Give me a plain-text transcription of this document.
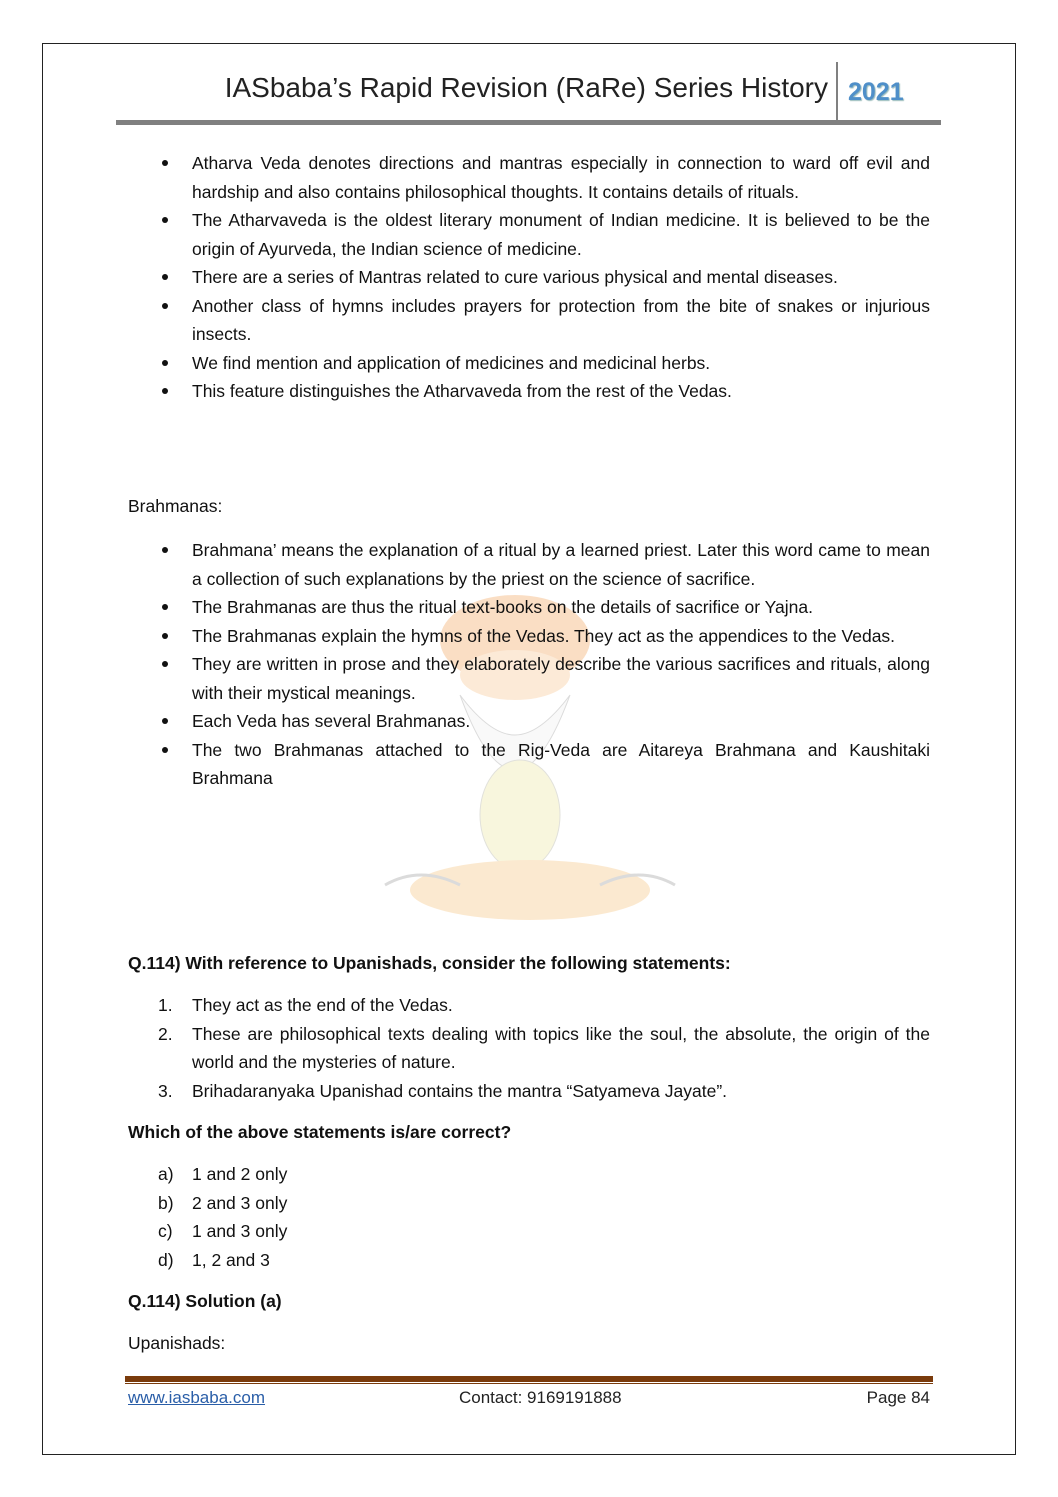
IASbaba’s Rapid Revision (RaRe) Series History 2021
Atharva Veda denotes directions and mantras especially in connection to ward off evil and hardship and also contains philosophical thoughts. It contains details of rituals.
The Atharvaveda is the oldest literary monument of Indian medicine. It is believed to be the origin of Ayurveda, the Indian science of medicine.
There are a series of Mantras related to cure various physical and mental diseases.
Another class of hymns includes prayers for protection from the bite of snakes or injurious insects.
We find mention and application of medicines and medicinal herbs.
This feature distinguishes the Atharvaveda from the rest of the Vedas.

Brahmanas:

Brahmana’ means the explanation of a ritual by a learned priest. Later this word came to mean a collection of such explanations by the priest on the science of sacrifice.
The Brahmanas are thus the ritual text-books on the details of sacrifice or Yajna.
The Brahmanas explain the hymns of the Vedas. They act as the appendices to the Vedas.
They are written in prose and they elaborately describe the various sacrifices and rituals, along with their mystical meanings.
Each Veda has several Brahmanas.
The two Brahmanas attached to the Rig-Veda are Aitareya Brahmana and Kaushitaki Brahmana

Q.114) With reference to Upanishads, consider the following statements:

1. They act as the end of the Vedas.
2. These are philosophical texts dealing with topics like the soul, the absolute, the origin of the world and the mysteries of nature.
3. Brihadaranyaka Upanishad contains the mantra “Satyameva Jayate”.

Which of the above statements is/are correct?

a) 1 and 2 only
b) 2 and 3 only
c) 1 and 3 only
d) 1, 2 and 3

Q.114) Solution (a)

Upanishads:

www.iasbaba.com	Contact: 9169191888	Page 84
